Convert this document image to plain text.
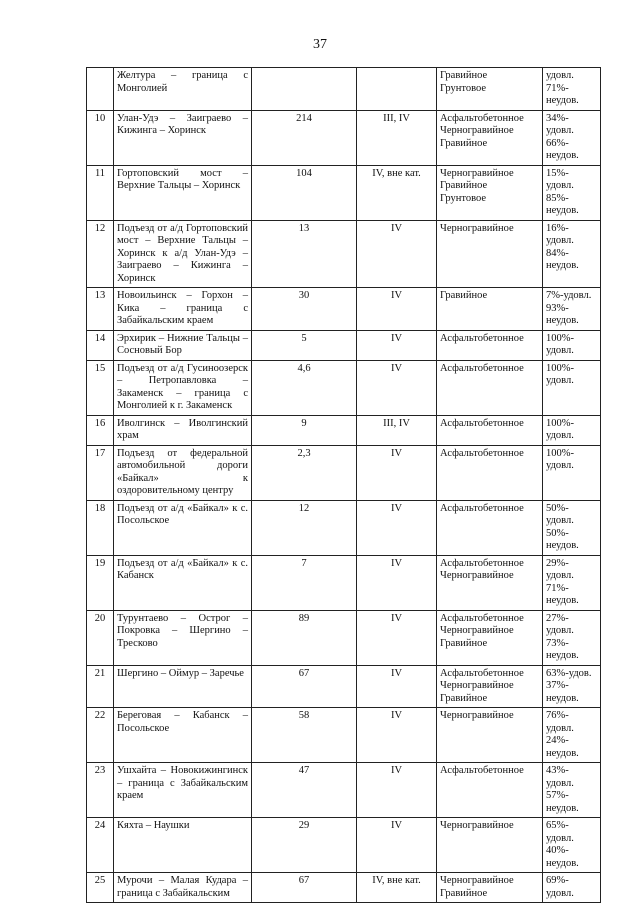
37
	Желтура – граница с Монголией			Гравийное
Грунтовое	удовл.
71%-
неудов.

10	Улан-Удэ – Заиграево – Кижинга – Хоринск	214	III, IV	Асфальтобетонное
Черногравийное
Гравийное	34%-
удовл.
66%-
неудов.

11	Гортоповский мост – Верхние Тальцы – Хоринск	104	IV, вне кат.	Черногравийное
Гравийное
Грунтовое	15%-
удовл.
85%-
неудов.

12	Подъезд от а/д Гортоповский мост – Верхние Тальцы – Хоринск к а/д Улан-Удэ – Заиграево – Кижинга – Хоринск	13	IV	Черногравийное	16%-
удовл.
84%-
неудов.

13	Новоильинск – Горхон – Кика – граница с Забайкальским краем	30	IV	Гравийное	7%-удовл.
93%-
неудов.

14	Эрхирик – Нижние Тальцы – Сосновый Бор	5	IV	Асфальтобетонное	100%-
удовл.

15	Подъезд от а/д Гусиноозерск – Петропавловка – Закаменск – граница с Монголией к г. Закаменск	4,6	IV	Асфальтобетонное	100%-
удовл.

16	Иволгинск – Иволгинский храм	9	III, IV	Асфальтобетонное	100%-
удовл.

17	Подъезд от федеральной автомобильной дороги «Байкал» к оздоровительному центру	2,3	IV	Асфальтобетонное	100%-
удовл.

18	Подъезд от а/д «Байкал» к с. Посольское	12	IV	Асфальтобетонное	50%-
удовл.
50%-
неудов.

19	Подъезд от а/д «Байкал» к с. Кабанск	7	IV	Асфальтобетонное
Черногравийное	29%-
удовл.
71%-
неудов.

20	Турунтаево – Острог – Покровка – Шергино – Тресково	89	IV	Асфальтобетонное
Черногравийное
Гравийное	27%-
удовл.
73%-
неудов.

21	Шергино – Оймур – Заречье	67	IV	Асфальтобетонное
Черногравийное
Гравийное	63%-удов.
37%-
неудов.

22	Береговая – Кабанск – Посольское	58	IV	Черногравийное	76%-
удовл.
24%-
неудов.

23	Ушхайта – Новокижингинск – граница с Забайкальским краем	47	IV	Асфальтобетонное	43%-
удовл.
57%-
неудов.

24	Кяхта – Наушки	29	IV	Черногравийное	65%-
удовл.
40%-
неудов.

25	Мурочи – Малая Кудара – граница с Забайкальским	67	IV, вне кат.	Черногравийное
Гравийное	69%-
удовл.
